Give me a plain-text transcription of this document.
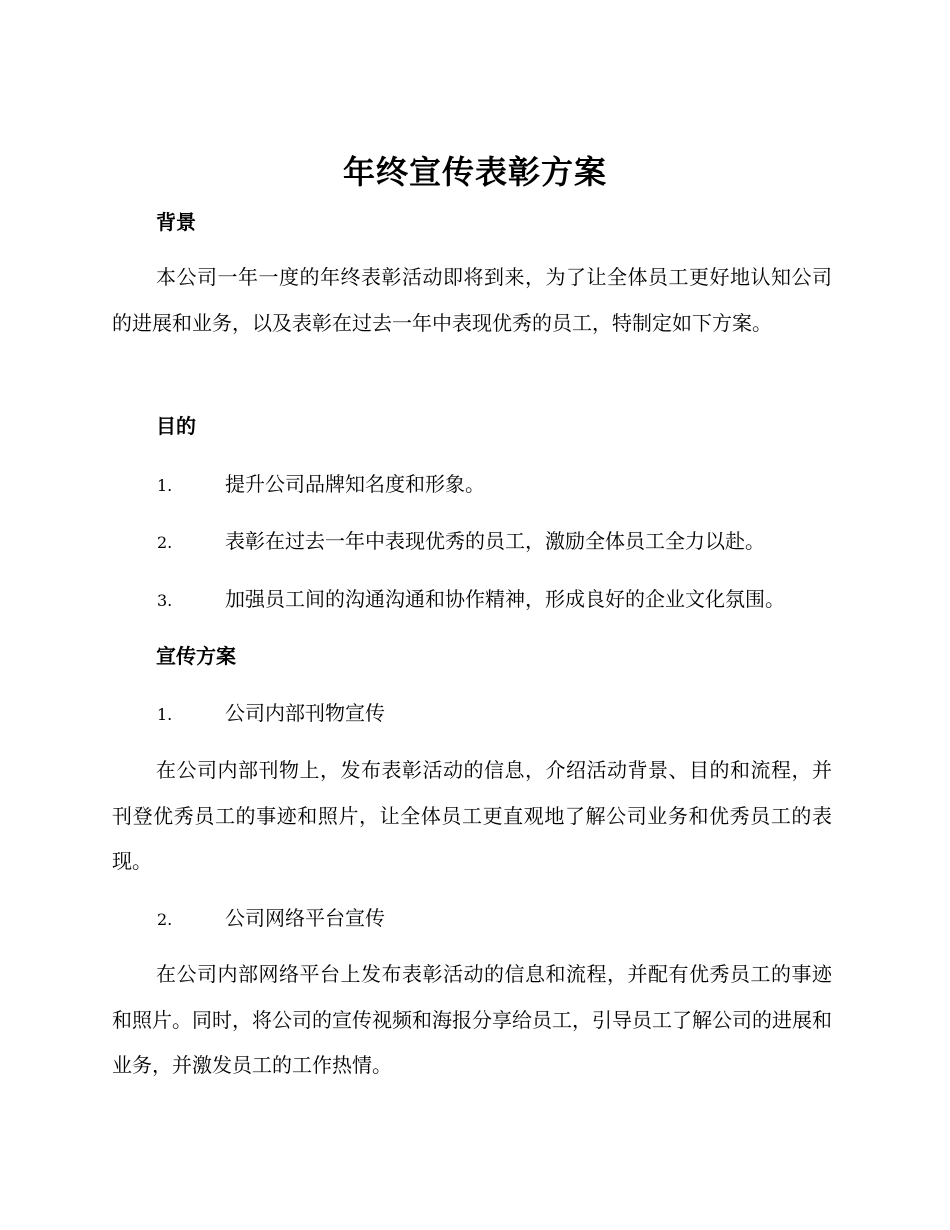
年终宣传表彰方案
背景
本公司一年一度的年终表彰活动即将到来，为了让全体员工更好地认知公司的进展和业务，以及表彰在过去一年中表现优秀的员工，特制定如下方案。
目的
1.	提升公司品牌知名度和形象。
2.	表彰在过去一年中表现优秀的员工，激励全体员工全力以赴。
3.	加强员工间的沟通沟通和协作精神，形成良好的企业文化氛围。
宣传方案
1.	公司内部刊物宣传
在公司内部刊物上，发布表彰活动的信息，介绍活动背景、目的和流程，并刊登优秀员工的事迹和照片，让全体员工更直观地了解公司业务和优秀员工的表现。
2.	公司网络平台宣传
在公司内部网络平台上发布表彰活动的信息和流程，并配有优秀员工的事迹和照片。同时，将公司的宣传视频和海报分享给员工，引导员工了解公司的进展和业务，并激发员工的工作热情。
